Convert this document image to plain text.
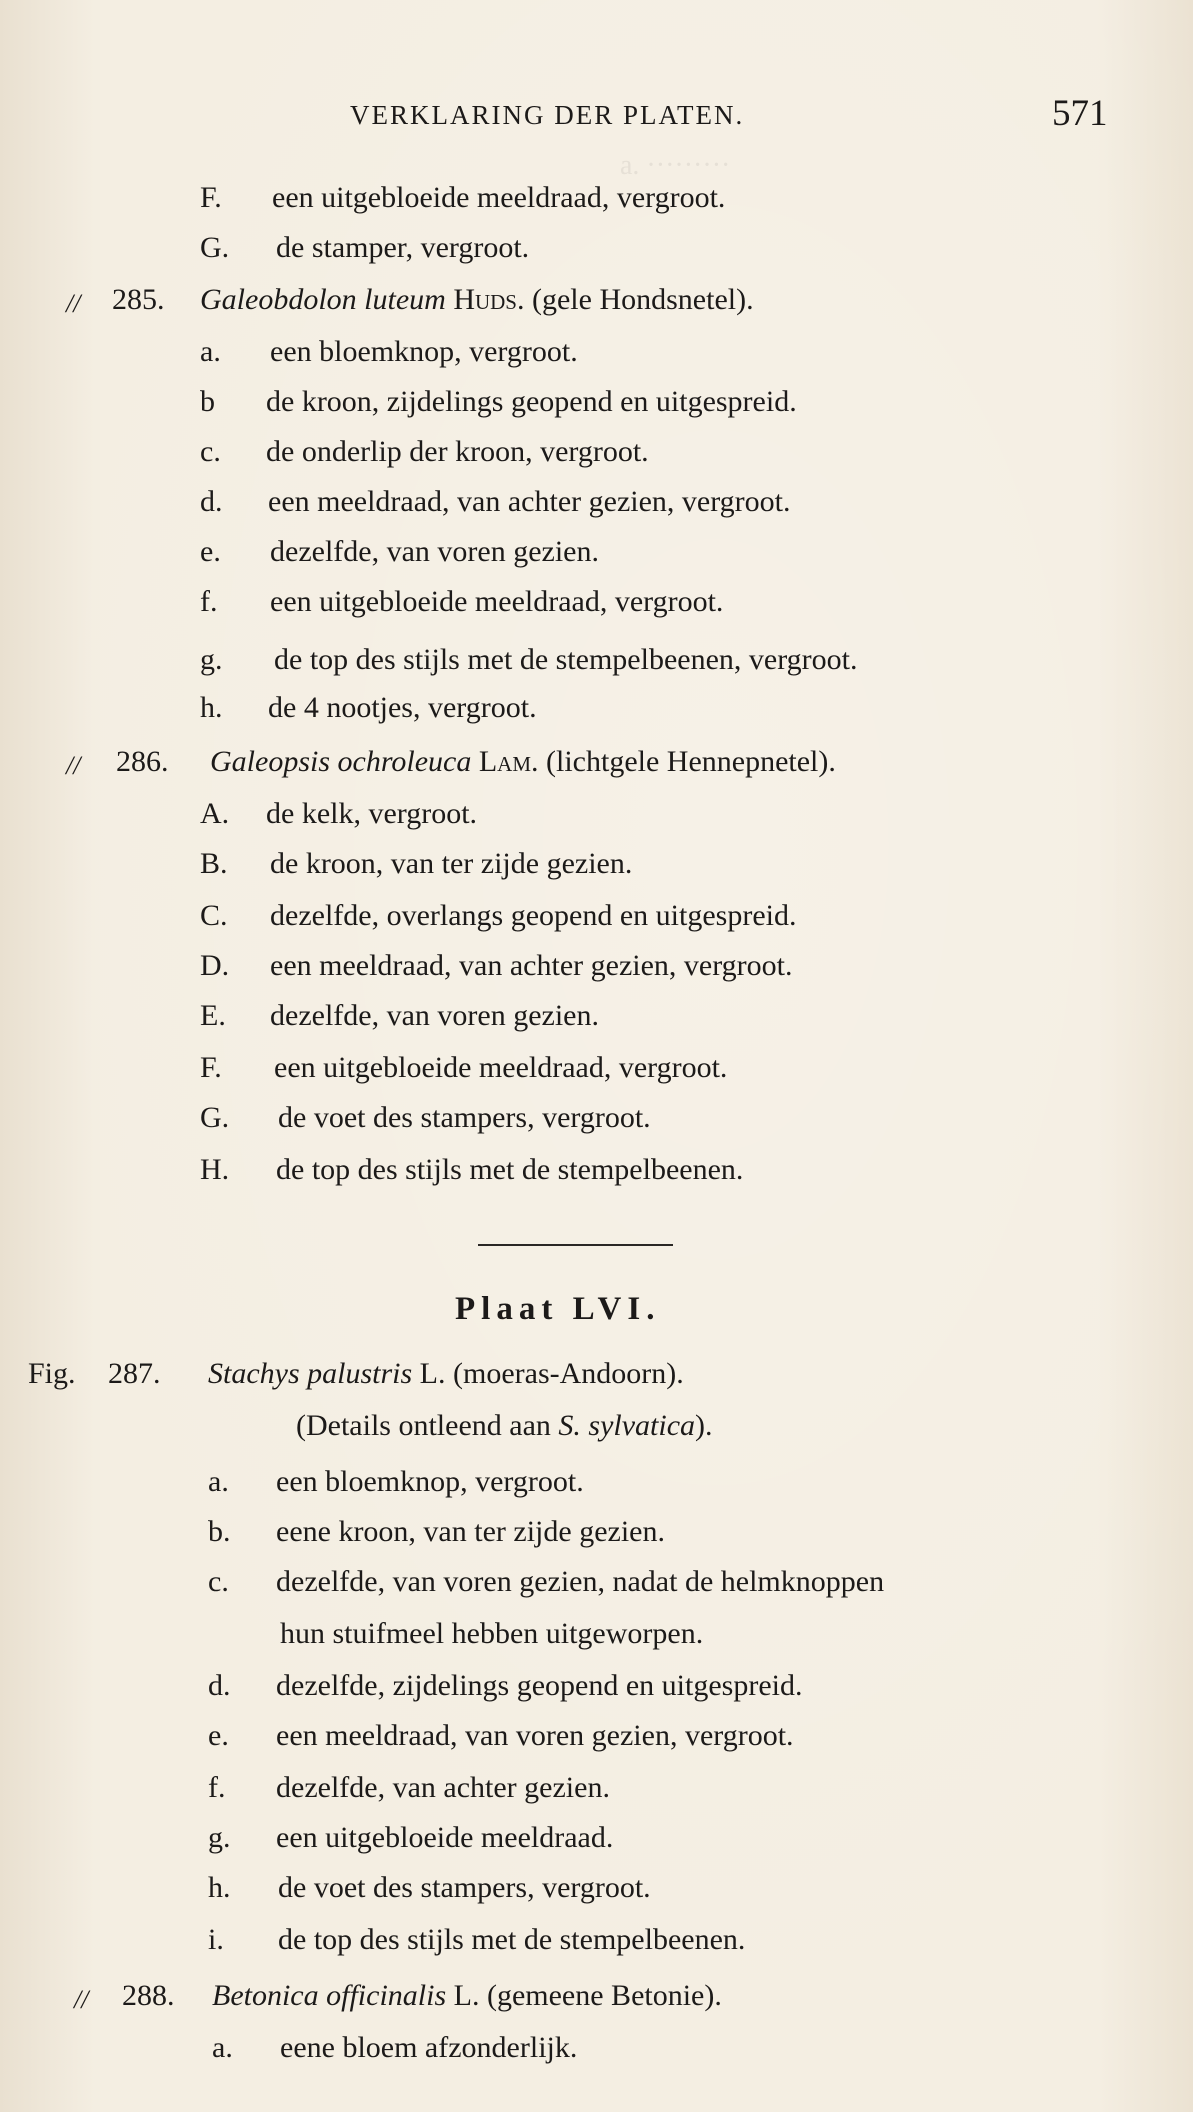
a. ·········
VERKLARING DER PLATEN.	571
F. een uitgebloeide meeldraad, vergroot.
G. de stamper, vergroot.
// 285. Galeobdolon luteum Huds. (gele Hondsnetel).
a. een bloemknop, vergroot.
b de kroon, zijdelings geopend en uitgespreid.
c. de onderlip der kroon, vergroot.
d. een meeldraad, van achter gezien, vergroot.
e. dezelfde, van voren gezien.
f. een uitgebloeide meeldraad, vergroot.
g. de top des stijls met de stempelbeenen, vergroot.
h. de 4 nootjes, vergroot.
// 286. Galeopsis ochroleuca Lam. (lichtgele Hennepnetel).
A. de kelk, vergroot.
B. de kroon, van ter zijde gezien.
C. dezelfde, overlangs geopend en uitgespreid.
D. een meeldraad, van achter gezien, vergroot.
E. dezelfde, van voren gezien.
F. een uitgebloeide meeldraad, vergroot.
G. de voet des stampers, vergroot.
H. de top des stijls met de stempelbeenen.
Plaat LVI.
Fig. 287. Stachys palustris L. (moeras-Andoorn).
(Details ontleend aan S. sylvatica).
a. een bloemknop, vergroot.
b. eene kroon, van ter zijde gezien.
c. dezelfde, van voren gezien, nadat de helmknoppen
hun stuifmeel hebben uitgeworpen.
d. dezelfde, zijdelings geopend en uitgespreid.
e. een meeldraad, van voren gezien, vergroot.
f. dezelfde, van achter gezien.
g. een uitgebloeide meeldraad.
h. de voet des stampers, vergroot.
i. de top des stijls met de stempelbeenen.
// 288. Betonica officinalis L. (gemeene Betonie).
a. eene bloem afzonderlijk.
